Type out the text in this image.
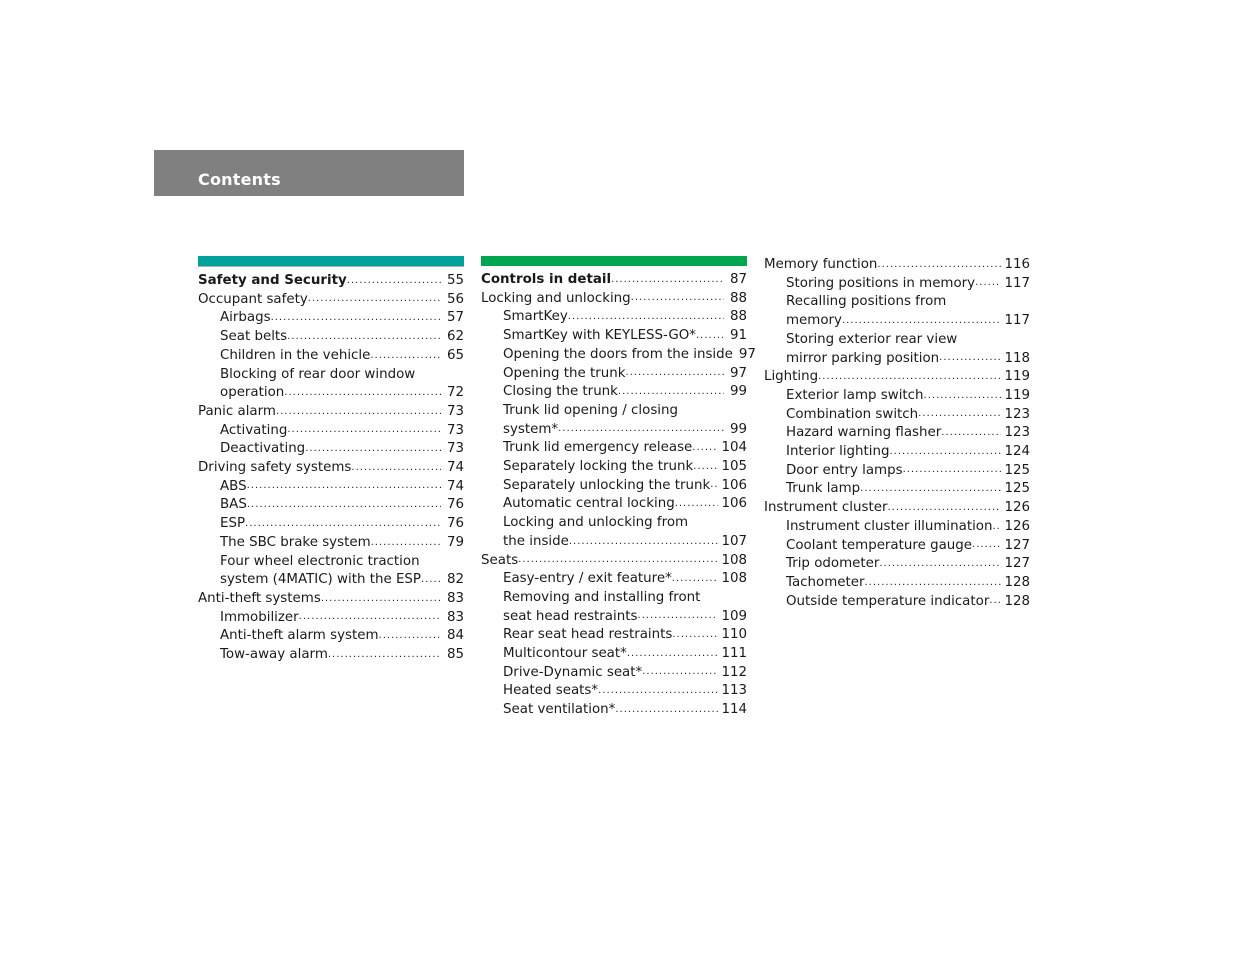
Contents
Safety and Security .....	55
Occupant safety .....	56
Airbags .....	57
Seat belts .....	62
Children in the vehicle .....	65
Blocking of rear door window
operation .....	72
Panic alarm .....	73
Activating .....	73
Deactivating .....	73
Driving safety systems .....	74
ABS .....	74
BAS .....	76
ESP .....	76
The SBC brake system .....	79
Four wheel electronic traction
system (4MATIC) with the ESP .....	82
Anti-theft systems .....	83
Immobilizer .....	83
Anti-theft alarm system .....	84
Tow-away alarm .....	85
Controls in detail .....	87
Locking and unlocking .....	88
SmartKey .....	88
SmartKey with KEYLESS-GO* .....	91
Opening the doors from the inside 97
Opening the trunk .....	97
Closing the trunk .....	99
Trunk lid opening / closing
system* .....	99
Trunk lid emergency release ..... 104
Separately locking the trunk ..... 105
Separately unlocking the trunk ..... 106
Automatic central locking .....	106
Locking and unlocking from
the inside .....	107
Seats .....	108
Easy-entry / exit feature* .....	108
Removing and installing front
seat head restraints .....	109
Rear seat head restraints .....	110
Multicontour seat* .....	111
Drive-Dynamic seat* .....	112
Heated seats* .....	113
Seat ventilation* .....	114
Memory function .....	116
Storing positions in memory ..... 117
Recalling positions from
memory .....	117
Storing exterior rear view
mirror parking position .....	118
Lighting .....	119
Exterior lamp switch .....	119
Combination switch .....	123
Hazard warning flasher .....	123
Interior lighting .....	124
Door entry lamps .....	125
Trunk lamp .....	125
Instrument cluster .....	126
Instrument cluster illumination ..... 126
Coolant temperature gauge ..... 127
Trip odometer .....	127
Tachometer .....	128
Outside temperature indicator ..... 128
